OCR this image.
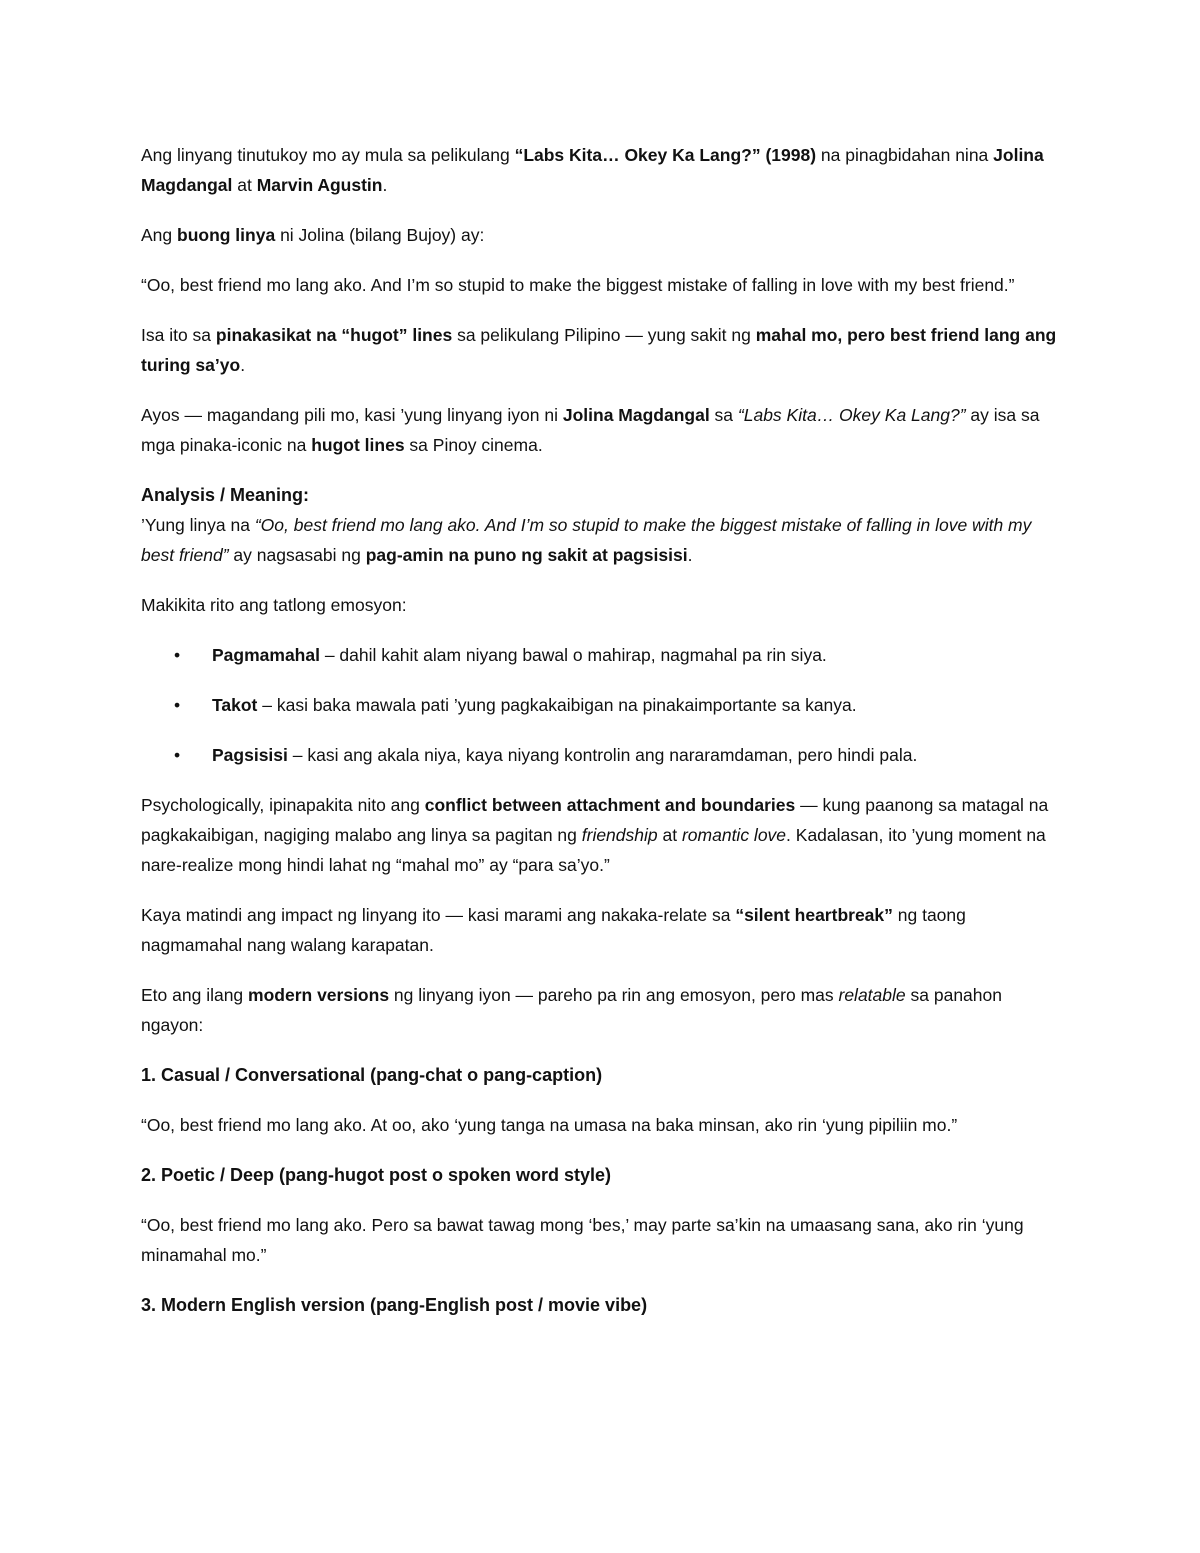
Ang linyang tinutukoy mo ay mula sa pelikulang “Labs Kita… Okey Ka Lang?” (1998) na pinagbidahan nina Jolina Magdangal at Marvin Agustin.

Ang buong linya ni Jolina (bilang Bujoy) ay:

“Oo, best friend mo lang ako. And I’m so stupid to make the biggest mistake of falling in love with my best friend.”

Isa ito sa pinakasikat na “hugot” lines sa pelikulang Pilipino — yung sakit ng mahal mo, pero best friend lang ang turing sa’yo.

Ayos — magandang pili mo, kasi ’yung linyang iyon ni Jolina Magdangal sa “Labs Kita… Okey Ka Lang?” ay isa sa mga pinaka-iconic na hugot lines sa Pinoy cinema.

Analysis / Meaning:

’Yung linya na “Oo, best friend mo lang ako. And I’m so stupid to make the biggest mistake of falling in love with my best friend” ay nagsasabi ng pag-amin na puno ng sakit at pagsisisi.

Makikita rito ang tatlong emosyon:

• Pagmamahal – dahil kahit alam niyang bawal o mahirap, nagmahal pa rin siya.
• Takot – kasi baka mawala pati ’yung pagkakaibigan na pinakaimportante sa kanya.
• Pagsisisi – kasi ang akala niya, kaya niyang kontrolin ang nararamdaman, pero hindi pala.

Psychologically, ipinapakita nito ang conflict between attachment and boundaries — kung paanong sa matagal na pagkakaibigan, nagiging malabo ang linya sa pagitan ng friendship at romantic love. Kadalasan, ito ’yung moment na nare-realize mong hindi lahat ng “mahal mo” ay “para sa’yo.”

Kaya matindi ang impact ng linyang ito — kasi marami ang nakaka-relate sa “silent heartbreak” ng taong nagmamahal nang walang karapatan.

Eto ang ilang modern versions ng linyang iyon — pareho pa rin ang emosyon, pero mas relatable sa panahon ngayon:

1. Casual / Conversational (pang-chat o pang-caption)

“Oo, best friend mo lang ako. At oo, ako ‘yung tanga na umasa na baka minsan, ako rin ‘yung pipiliin mo.”

2. Poetic / Deep (pang-hugot post o spoken word style)

“Oo, best friend mo lang ako. Pero sa bawat tawag mong ‘bes,’ may parte sa’kin na umaasang sana, ako rin ‘yung minamahal mo.”

3. Modern English version (pang-English post / movie vibe)
